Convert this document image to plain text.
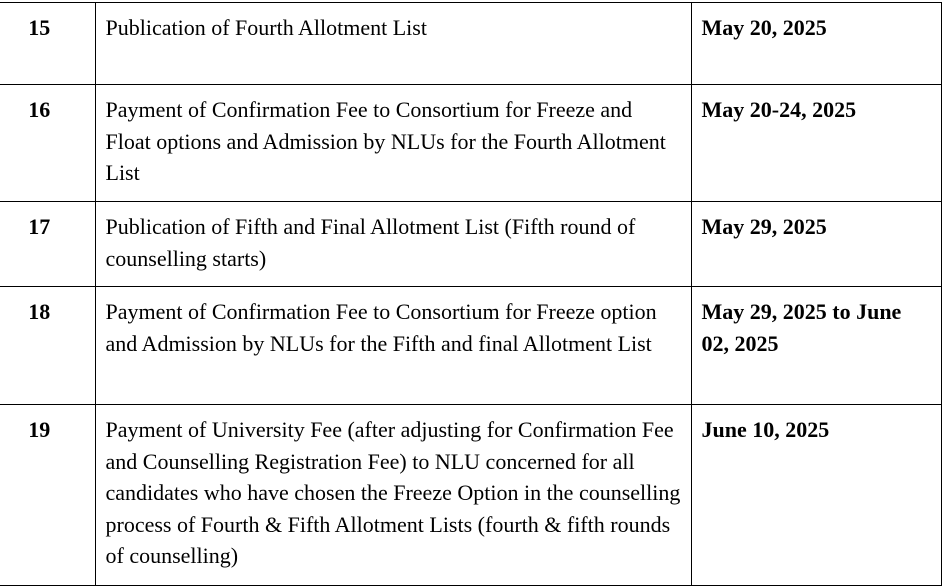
15	Publication of Fourth Allotment List	May 20, 2025
16	Payment of Confirmation Fee to Consortium for Freeze and Float options and Admission by NLUs for the Fourth Allotment List	May 20-24, 2025
17	Publication of Fifth and Final Allotment List (Fifth round of counselling starts)	May 29, 2025
18	Payment of Confirmation Fee to Consortium for Freeze option and Admission by NLUs for the Fifth and final Allotment List	May 29, 2025 to June 02, 2025
19	Payment of University Fee (after adjusting for Confirmation Fee and Counselling Registration Fee) to NLU concerned for all candidates who have chosen the Freeze Option in the counselling process of Fourth & Fifth Allotment Lists (fourth & fifth rounds of counselling)	June 10, 2025
